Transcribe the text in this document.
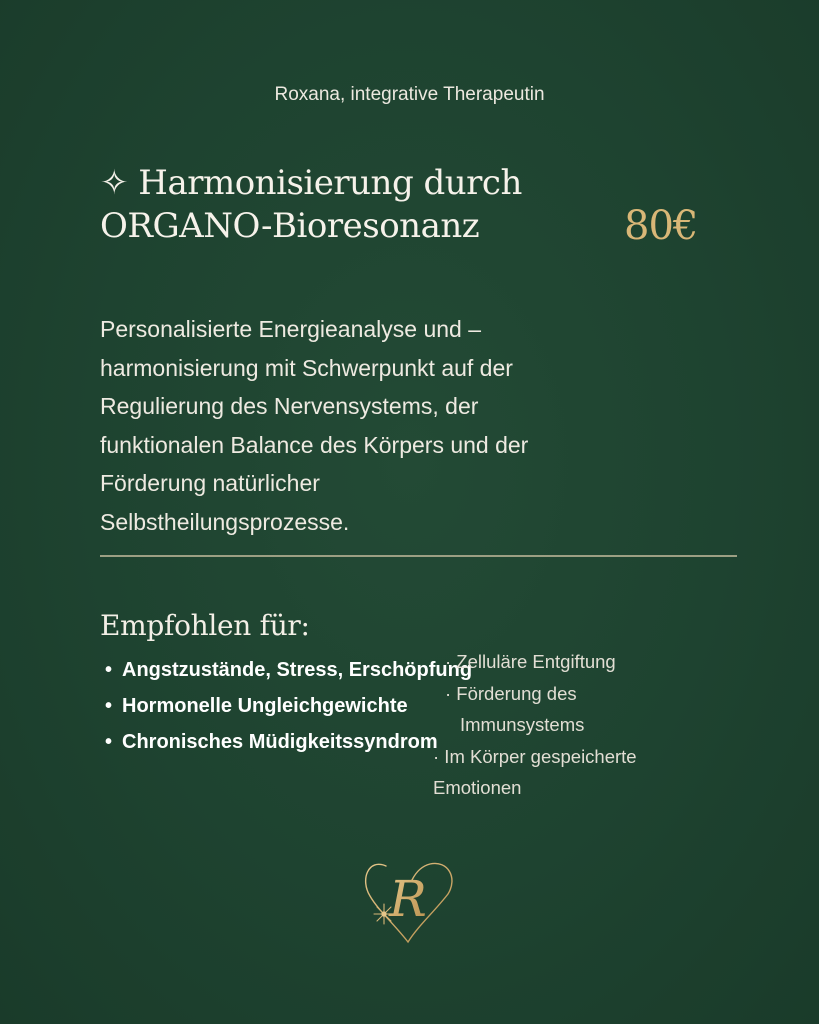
Roxana, integrative Therapeutin
✧ Harmonisierung durch
ORGANO-Bioresonanz	80€
Personalisierte Energieanalyse und –
harmonisierung mit Schwerpunkt auf der
Regulierung des Nervensystems, der
funktionalen Balance des Körpers und der
Förderung natürlicher
Selbstheilungsprozesse.
Empfohlen für:
• Angstzustände, Stress, Erschöpfung
• Hormonelle Ungleichgewichte
• Chronisches Müdigkeitssyndrom
· Zelluläre Entgiftung
· Förderung des
Immunsystems
· Im Körper gespeicherte
Emotionen
R
